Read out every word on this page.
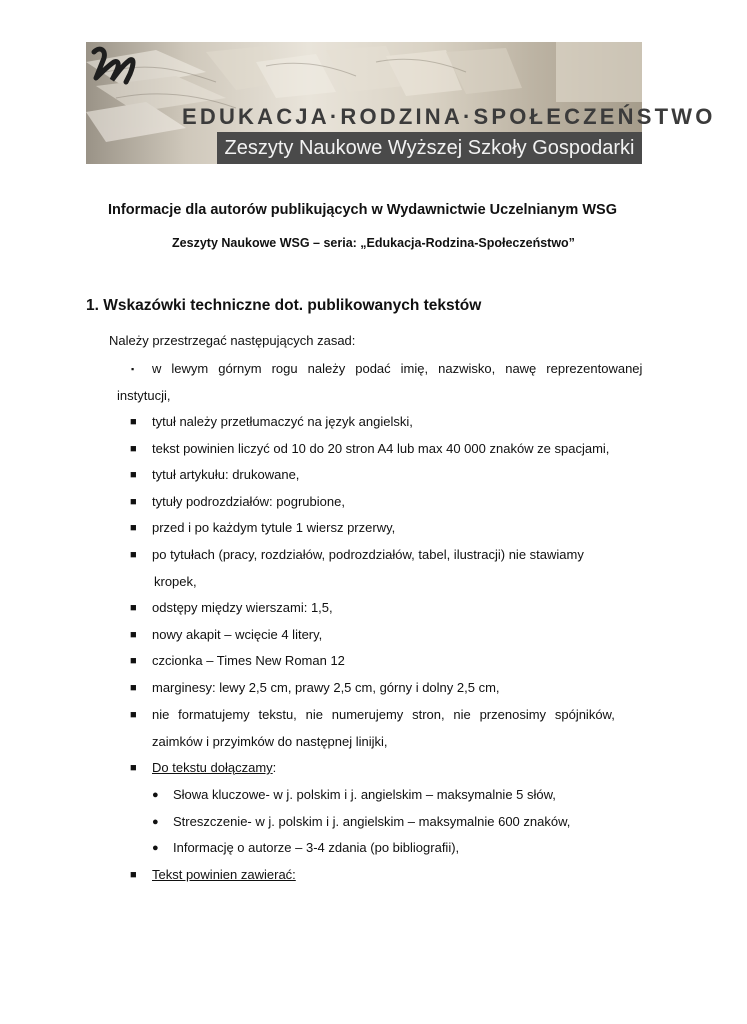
EDUKACJA·RODZINA·SPOŁECZEŃSTWO
Zeszyty Naukowe Wyższej Szkoły Gospodarki
Informacje dla autorów publikujących w Wydawnictwie Uczelnianym WSG
Zeszyty Naukowe WSG – seria: „Edukacja-Rodzina-Społeczeństwo”
1. Wskazówki techniczne dot. publikowanych tekstów
Należy przestrzegać następujących zasad:
▪ w lewym górnym rogu należy podać imię, nazwisko, nawę reprezentowanej
instytucji,
■ tytuł należy przetłumaczyć na język angielski,
■ tekst powinien liczyć od 10 do 20 stron A4 lub max 40 000 znaków ze spacjami,
■ tytuł artykułu: drukowane,
■ tytuły podrozdziałów: pogrubione,
■ przed i po każdym tytule 1 wiersz przerwy,
■ po tytułach (pracy, rozdziałów, podrozdziałów, tabel, ilustracji) nie stawiamy
kropek,
■ odstępy między wierszami: 1,5,
■ nowy akapit – wcięcie 4 litery,
■ czcionka – Times New Roman 12
■ marginesy: lewy 2,5 cm, prawy 2,5 cm, górny i dolny 2,5 cm,
■ nie formatujemy tekstu, nie numerujemy stron, nie przenosimy spójników,
zaimków i przyimków do następnej linijki,
■ Do tekstu dołączamy:
● Słowa kluczowe- w j. polskim i j. angielskim – maksymalnie 5 słów,
● Streszczenie- w j. polskim i j. angielskim – maksymalnie 600 znaków,
● Informację o autorze – 3-4 zdania (po bibliografii),
■ Tekst powinien zawierać:
